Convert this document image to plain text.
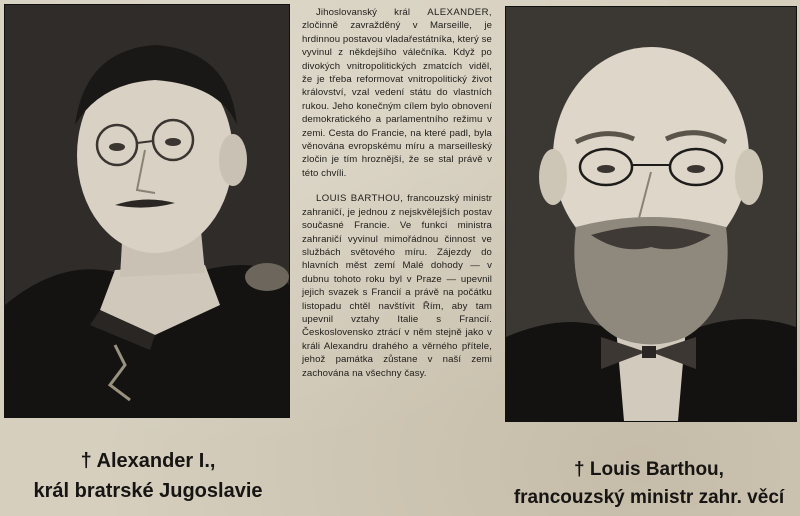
Jihoslovanský král ALEXANDER, zločinně zavražděný v Marseille, je hrdinnou postavou vladařestátníka, který se vyvinul z někdejšího válečníka. Když po divokých vnitropolitických zmatcích viděl, že je třeba reformovat vnitropolitický život království, vzal vedení státu do vlastních rukou. Jeho konečným cílem bylo obnovení demokratického a parlamentního režimu v zemi. Cesta do Francie, na které padl, byla věnována evropskému míru a marseilleský zločin je tím hroznější, že se stal právě v této chvíli.

LOUIS BARTHOU, francouzský ministr zahraničí, je jednou z nejskvělejších postav současné Francie. Ve funkci ministra zahraničí vyvinul mimořádnou činnost ve službách světového míru. Zájezdy do hlavních měst zemí Malé dohody — v dubnu tohoto roku byl v Praze — upevnil jejich svazek s Francií a právě na počátku listopadu chtěl navštívit Řím, aby tam upevnil vztahy Italie s Francií. Československo ztrácí v něm stejně jako v králi Alexandru drahého a věrného přítele, jehož památka zůstane v naší zemi zachována na všechny časy.

† Alexander I.,
král bratrské Jugoslavie
† Louis Barthou,
francouzský ministr zahr. věcí
